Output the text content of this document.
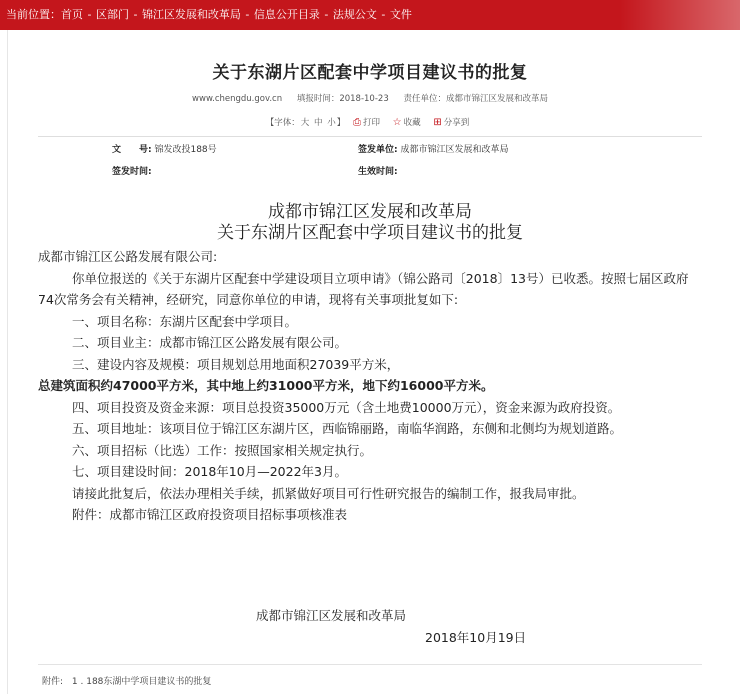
当前位置：首页 - 区部门 - 锦江区发展和改革局 - 信息公开目录 - 法规公文 - 文件
关于东湖片区配套中学项目建议书的批复
www.chengdu.gov.cn 填报时间：2018-10-23 责任单位：成都市锦江区发展和改革局
【字体：大 中 小】 ⎙ 打印 ☆ 收藏 ⊞ 分享到
文　　号: 锦发改投188号	签发单位: 成都市锦江区发展和改革局
签发时间:	生效时间:
成都市锦江区发展和改革局
关于东湖片区配套中学项目建议书的批复

成都市锦江区公路发展有限公司:

你单位报送的《关于东湖片区配套中学建设项目立项申请》（锦公路司〔2018〕13号）已收悉。按照七届区政府74次常务会有关精神，经研究，同意你单位的申请，现将有关事项批复如下:

一、项目名称：东湖片区配套中学项目。

二、项目业主：成都市锦江区公路发展有限公司。

三、建设内容及规模：项目规划总用地面积27039平方米，

总建筑面积约47000平方米，其中地上约31000平方米，地下约16000平方米。

四、项目投资及资金来源：项目总投资35000万元（含土地费10000万元），资金来源为政府投资。

五、项目地址：该项目位于锦江区东湖片区，西临锦丽路，南临华润路，东侧和北侧均为规划道路。

六、项目招标（比选）工作：按照国家相关规定执行。

七、项目建设时间：2018年10月—2022年3月。

请接此批复后，依法办理相关手续，抓紧做好项目可行性研究报告的编制工作，报我局审批。

附件：成都市锦江区政府投资项目招标事项核准表

成都市锦江区发展和改革局
2018年10月19日
附件: 1 . 188东湖中学项目建议书的批复
